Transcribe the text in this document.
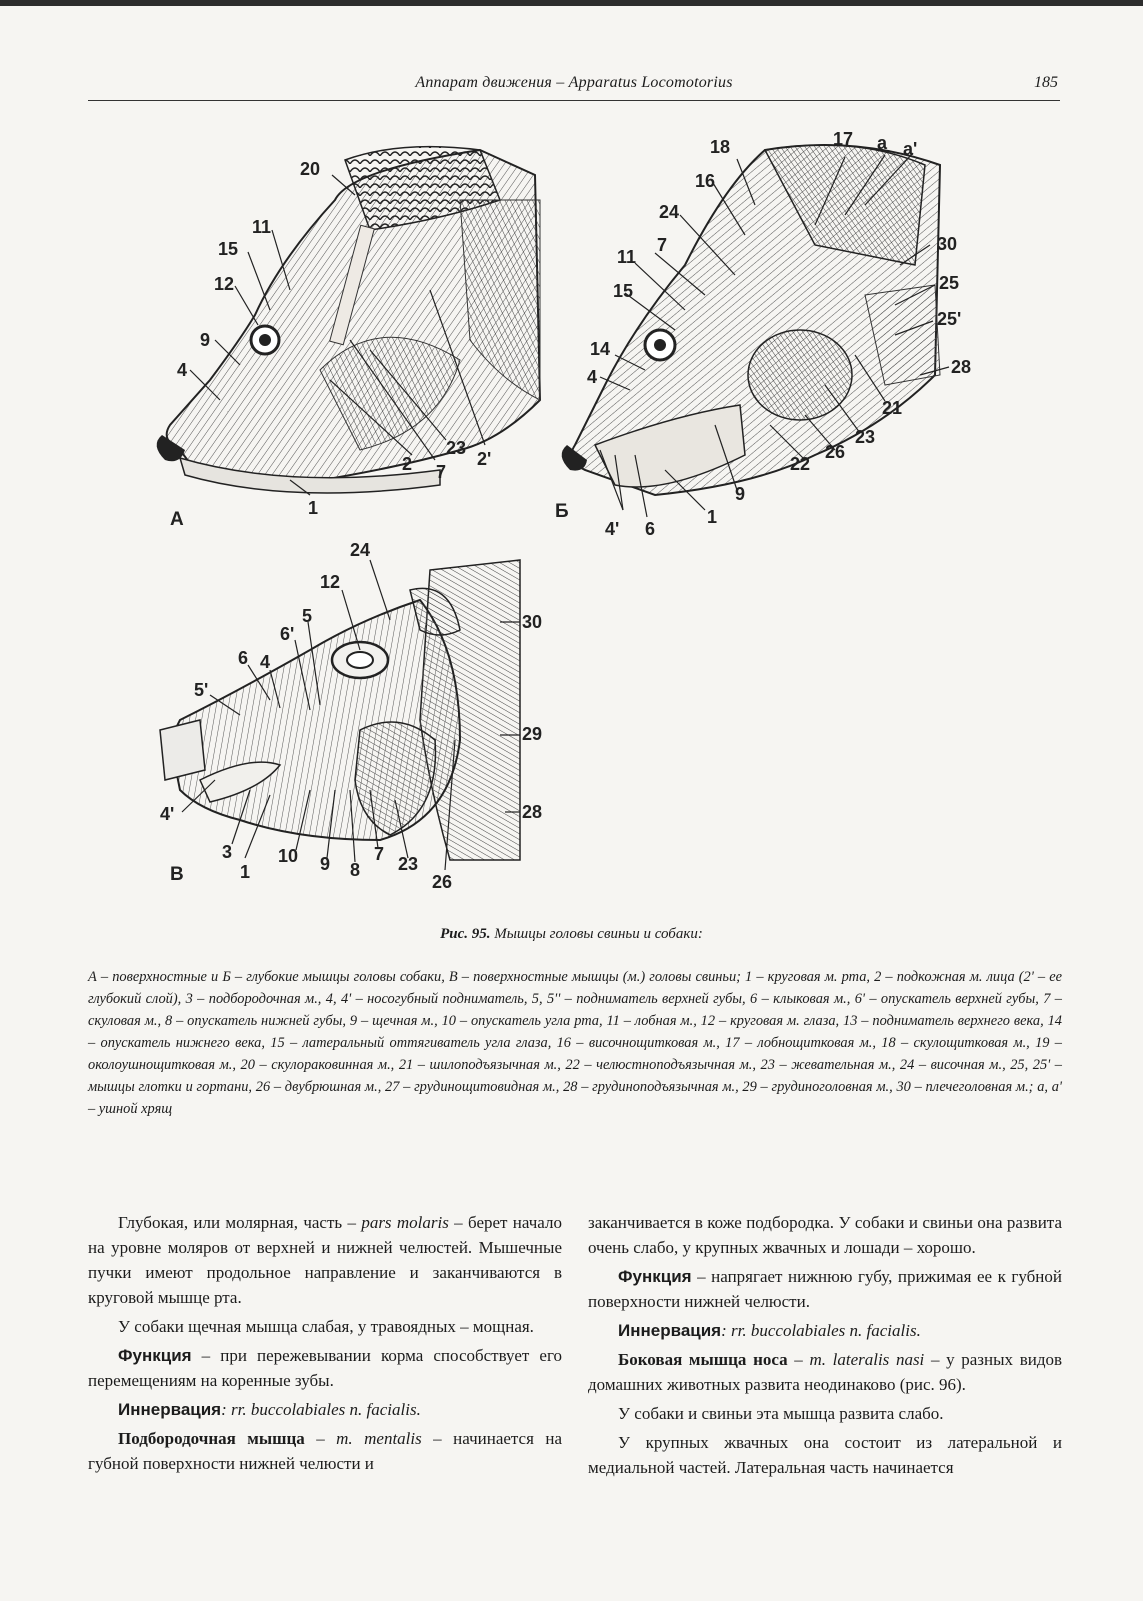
Аппарат движения – Apparatus Locomotorius	185
20
11
15
12
9
4
23
2'
2 7
1
А
18	17 a a'
16
24
7
11
15
30
25
25'
14
4	28
21
23
26
22
9
4' 6
1
Б
24
12
5
6'
30
6 4
5'
29
4'	28
3
1
10 9 8
7 23
26
В
Рис. 95. Мышцы головы свиньи и собаки:
А – поверхностные и Б – глубокие мышцы головы собаки, В – поверхностные мышцы (м.) головы свиньи; 1 – круговая м. рта, 2 – подкожная м. лица (2' – ее глубокий слой), 3 – подбородочная м., 4, 4' – носогубный подниматель, 5, 5'' – подниматель верхней губы, 6 – клыковая м., 6' – опускатель верхней губы, 7 – скуловая м., 8 – опускатель нижней губы, 9 – щечная м., 10 – опускатель угла рта, 11 – лобная м., 12 – круговая м. глаза, 13 – подниматель верхнего века, 14 – опускатель нижнего века, 15 – латеральный оттягиватель угла глаза, 16 – височнощитковая м., 17 – лобнощитковая м., 18 – скулощитковая м., 19 – околоушнощитковая м., 20 – скулораковинная м., 21 – шилоподъязычная м., 22 – челюстноподъязычная м., 23 – жевательная м., 24 – височная м., 25, 25' – мышцы глотки и гортани, 26 – двубрюшная м., 27 – грудинощитовидная м., 28 – грудиноподъязычная м., 29 – грудиноголовная м., 30 – плечеголовная м.; а, а' – ушной хрящ

Глубокая, или молярная, часть – pars molaris – берет начало на уровне моляров от верхней и нижней челюстей. Мышечные пучки имеют продольное направление и заканчиваются в круговой мышце рта.

У собаки щечная мышца слабая, у травоядных – мощная.

Функция – при пережевывании корма способствует его перемещениям на коренные зубы.

Иннервация: rr. buccolabiales n. facialis.

Подбородочная мышца – m. mentalis – начинается на губной поверхности нижней челюсти и

заканчивается в коже подбородка. У собаки и свиньи она развита очень слабо, у крупных жвачных и лошади – хорошо.

Функция – напрягает нижнюю губу, прижимая ее к губной поверхности нижней челюсти.

Иннервация: rr. buccolabiales n. facialis.

Боковая мышца носа – m. lateralis nasi – у разных видов домашних животных развита неодинаково (рис. 96).

У собаки и свиньи эта мышца развита слабо.

У крупных жвачных она состоит из латеральной и медиальной частей. Латеральная часть начинается
